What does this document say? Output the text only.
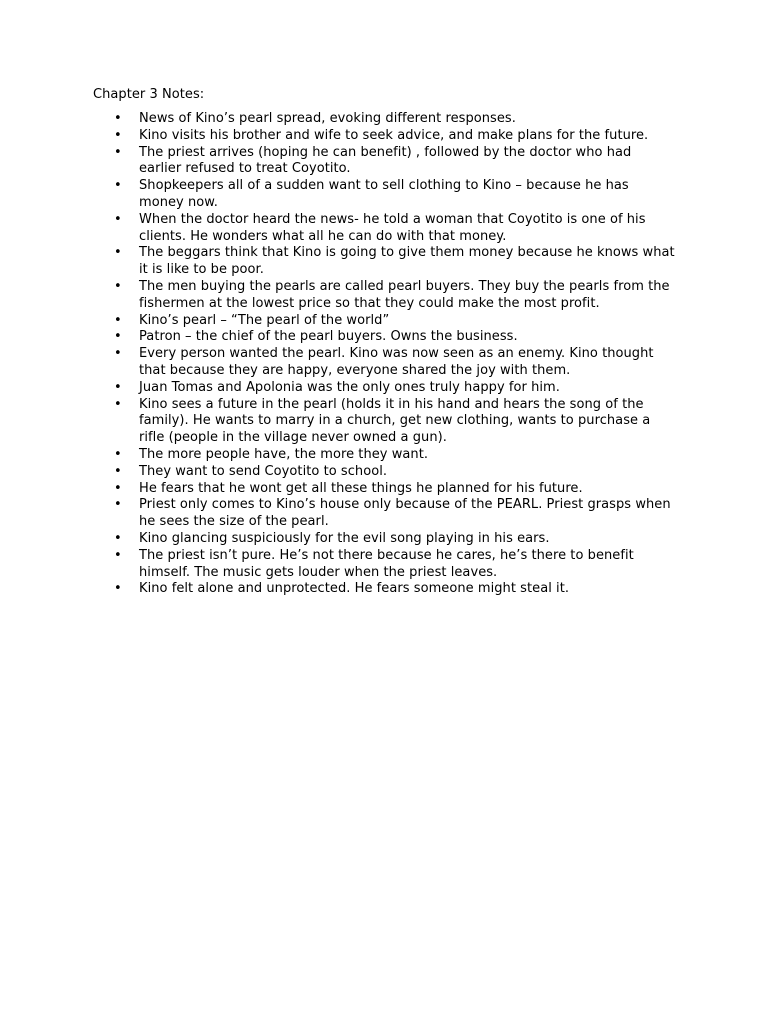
Chapter 3 Notes:
• News of Kino’s pearl spread, evoking different responses.
• Kino visits his brother and wife to seek advice, and make plans for the future.
• The priest arrives (hoping he can benefit) , followed by the doctor who had earlier refused to treat Coyotito.
• Shopkeepers all of a sudden want to sell clothing to Kino – because he has money now.
• When the doctor heard the news- he told a woman that Coyotito is one of his clients. He wonders what all he can do with that money.
• The beggars think that Kino is going to give them money because he knows what it is like to be poor.
• The men buying the pearls are called pearl buyers. They buy the pearls from the fishermen at the lowest price so that they could make the most profit.
• Kino’s pearl – “The pearl of the world”
• Patron – the chief of the pearl buyers. Owns the business.
• Every person wanted the pearl. Kino was now seen as an enemy. Kino thought that because they are happy, everyone shared the joy with them.
• Juan Tomas and Apolonia was the only ones truly happy for him.
• Kino sees a future in the pearl (holds it in his hand and hears the song of the family). He wants to marry in a church, get new clothing, wants to purchase a rifle (people in the village never owned a gun).
• The more people have, the more they want.
• They want to send Coyotito to school.
• He fears that he wont get all these things he planned for his future.
• Priest only comes to Kino’s house only because of the PEARL. Priest grasps when he sees the size of the pearl.
• Kino glancing suspiciously for the evil song playing in his ears.
• The priest isn’t pure. He’s not there because he cares, he’s there to benefit himself. The music gets louder when the priest leaves.
• Kino felt alone and unprotected. He fears someone might steal it.
